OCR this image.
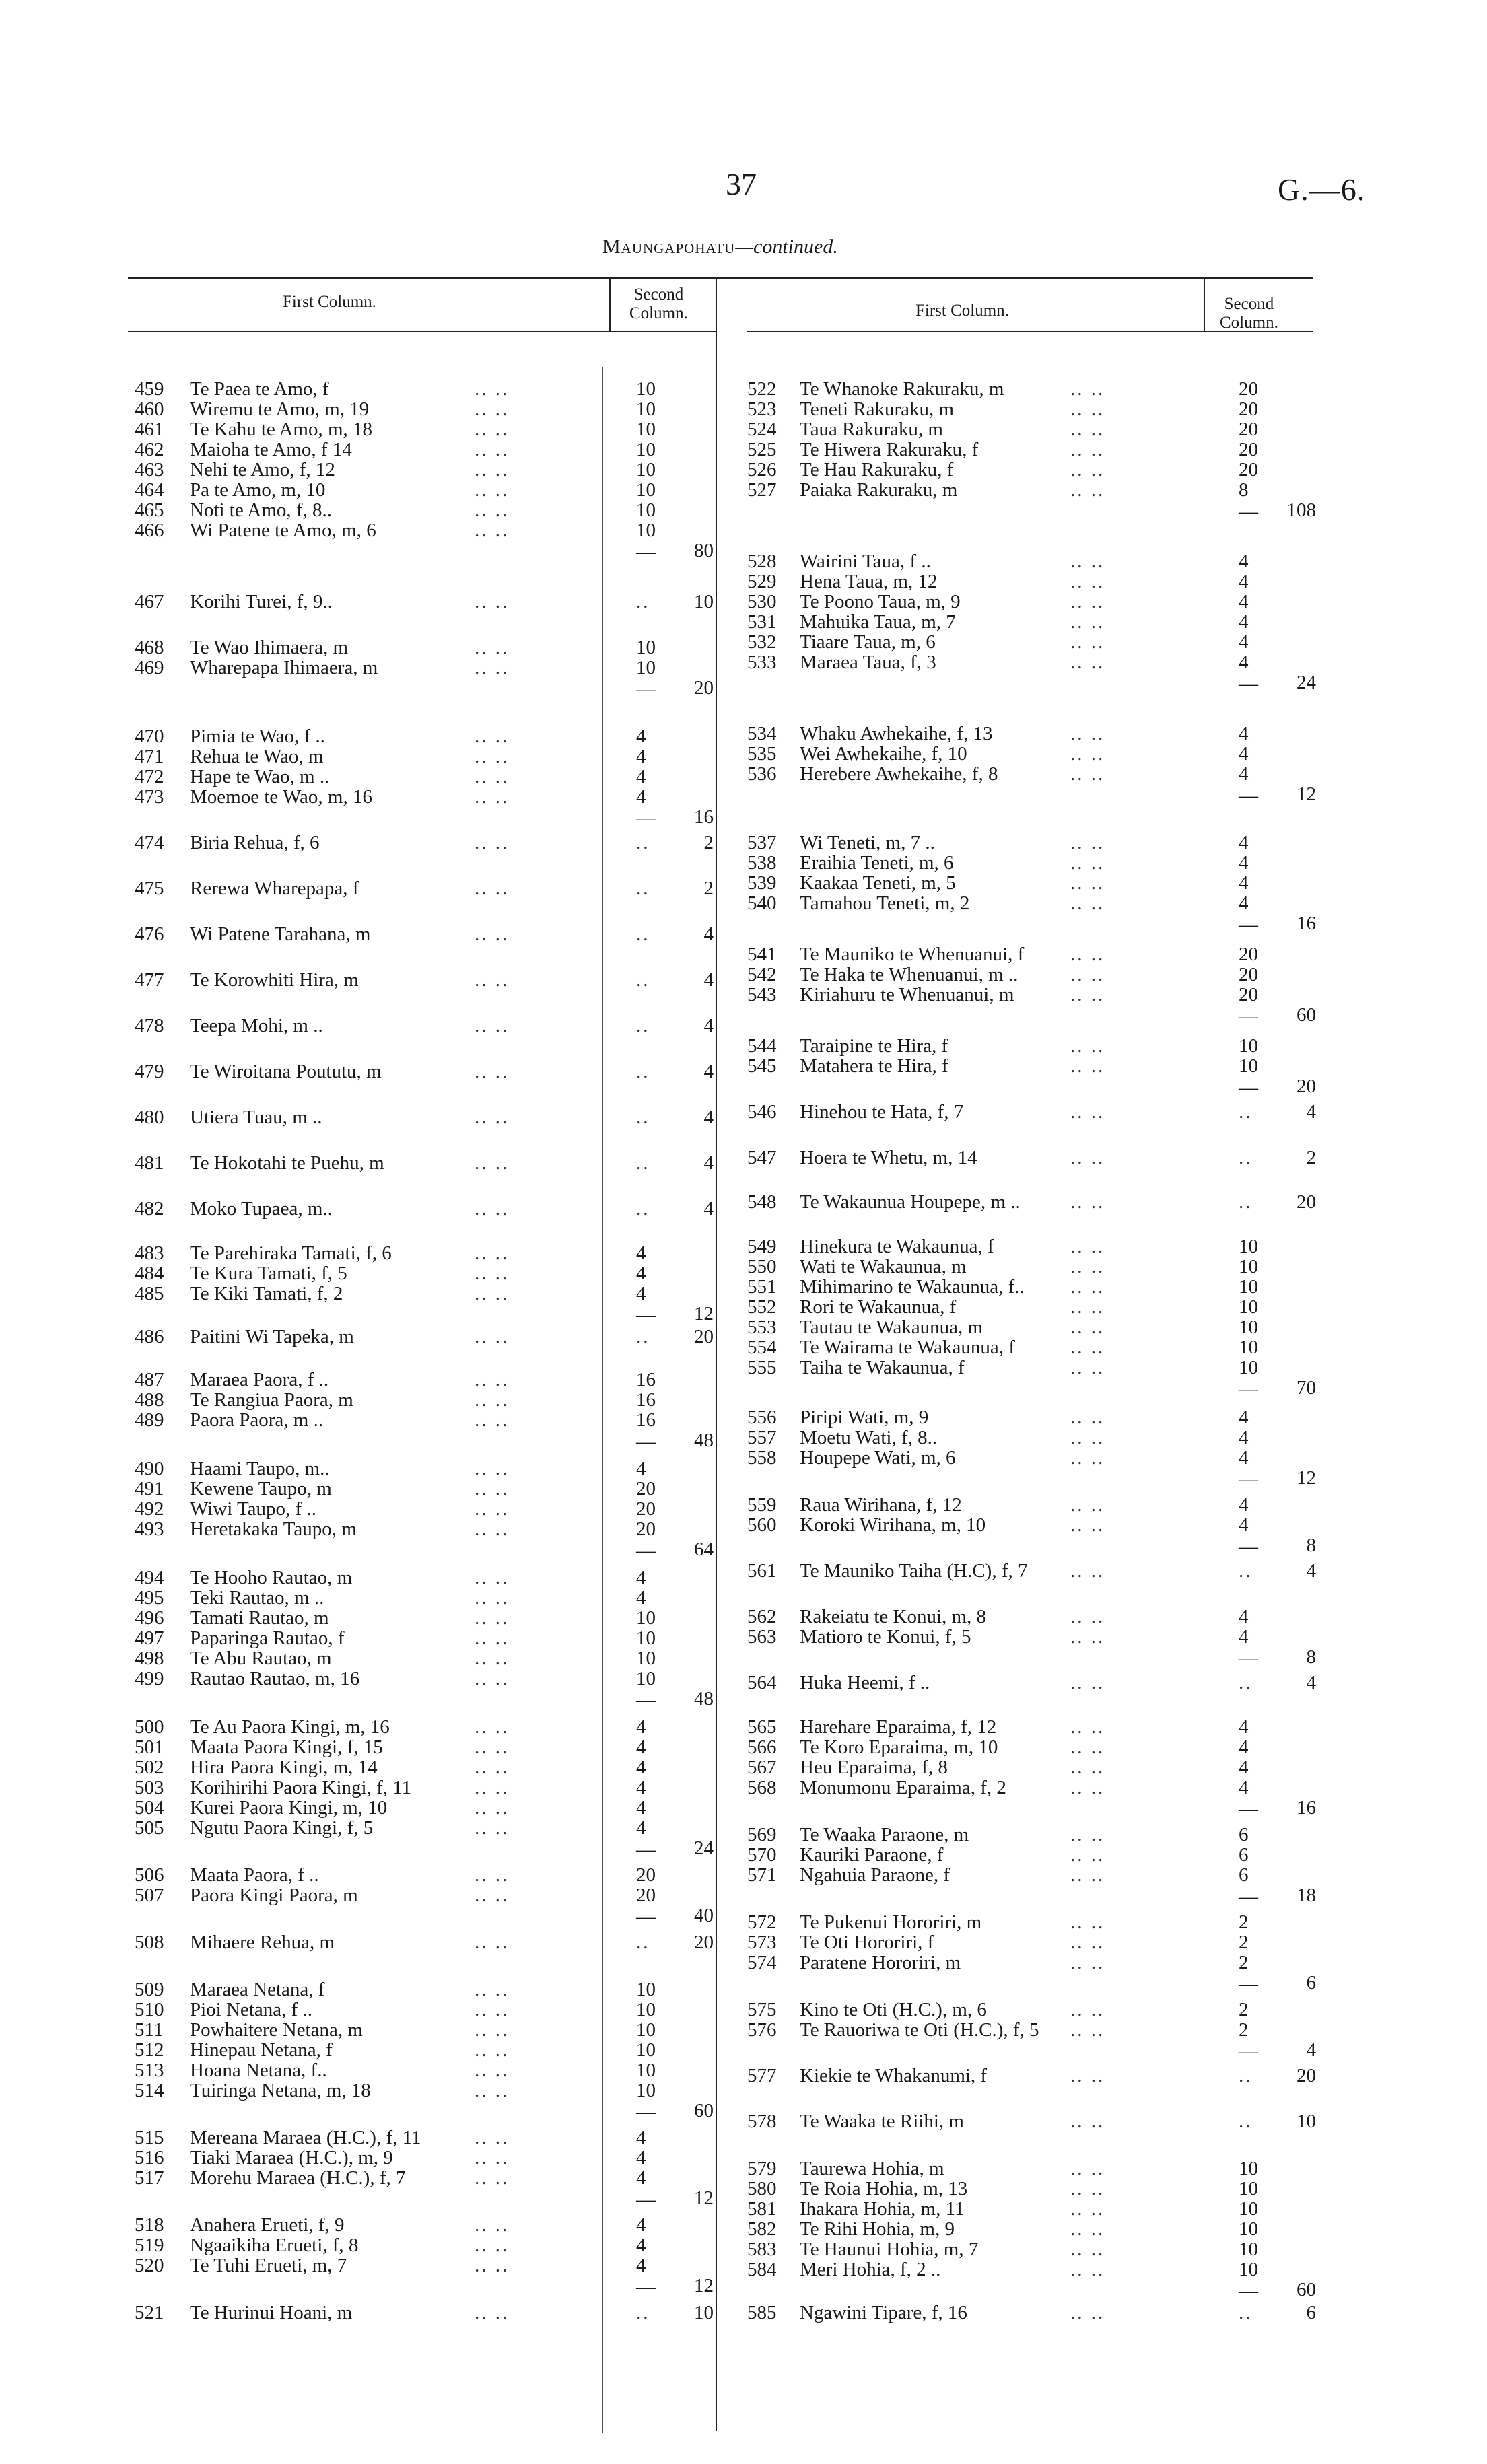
37	G.—6.
Maungapohatu—continued.
First Column.	Second
Column.	First Column.	Second
Column.
459 Te Paea te Amo, f	.. ..	10
460 Wiremu te Amo, m, 19	.. ..	10
461 Te Kahu te Amo, m, 18	.. ..	10
462 Maioha te Amo, f 14	.. ..	10
463 Nehi te Amo, f, 12	.. ..	10
464 Pa te Amo, m, 10	.. ..	10
465 Noti te Amo, f, 8..	.. ..	10
466 Wi Patene te Amo, m, 6	.. ..	10
—	80
467 Korihi Turei, f, 9..	.. ..	..	10
468 Te Wao Ihimaera, m	.. ..	10
469 Wharepapa Ihimaera, m	.. ..	10
—	20
470 Pimia te Wao, f ..	.. ..	4
471 Rehua te Wao, m	.. ..	4
472 Hape te Wao, m ..	.. ..	4
473 Moemoe te Wao, m, 16	.. ..	4
—	16
474 Biria Rehua, f, 6	.. ..	..	2
475 Rerewa Wharepapa, f	.. ..	..	2
476 Wi Patene Tarahana, m	.. ..	..	4
477 Te Korowhiti Hira, m	.. ..	..	4
478 Teepa Mohi, m ..	.. ..	..	4
479 Te Wiroitana Poututu, m	.. ..	..	4
480 Utiera Tuau, m ..	.. ..	..	4
481 Te Hokotahi te Puehu, m	.. ..	..	4
482 Moko Tupaea, m..	.. ..	..	4
483 Te Parehiraka Tamati, f, 6	.. ..	4
484 Te Kura Tamati, f, 5	.. ..	4
485 Te Kiki Tamati, f, 2	.. ..	4
—	12
486 Paitini Wi Tapeka, m	.. ..	..	20
487 Maraea Paora, f ..	.. ..	16
488 Te Rangiua Paora, m	.. ..	16
489 Paora Paora, m ..	.. ..	16
—	48
490 Haami Taupo, m..	.. ..	4
491 Kewene Taupo, m	.. ..	20
492 Wiwi Taupo, f ..	.. ..	20
493 Heretakaka Taupo, m	.. ..	20
—	64
494 Te Hooho Rautao, m	.. ..	4
495 Teki Rautao, m ..	.. ..	4
496 Tamati Rautao, m	.. ..	10
497 Paparinga Rautao, f	.. ..	10
498 Te Abu Rautao, m	.. ..	10
499 Rautao Rautao, m, 16	.. ..	10
—	48
500 Te Au Paora Kingi, m, 16	.. ..	4
501 Maata Paora Kingi, f, 15	.. ..	4
502 Hira Paora Kingi, m, 14	.. ..	4
503 Korihirihi Paora Kingi, f, 11	.. ..	4
504 Kurei Paora Kingi, m, 10	.. ..	4
505 Ngutu Paora Kingi, f, 5	.. ..	4
—	24
506 Maata Paora, f ..	.. ..	20
507 Paora Kingi Paora, m	.. ..	20
—	40
508 Mihaere Rehua, m	.. ..	..	20
509 Maraea Netana, f	.. ..	10
510 Pioi Netana, f ..	.. ..	10
511 Powhaitere Netana, m	.. ..	10
512 Hinepau Netana, f	.. ..	10
513 Hoana Netana, f..	.. ..	10
514 Tuiringa Netana, m, 18	.. ..	10
—	60
515 Mereana Maraea (H.C.), f, 11	.. ..	4
516 Tiaki Maraea (H.C.), m, 9	.. ..	4
517 Morehu Maraea (H.C.), f, 7	.. ..	4
—	12
518 Anahera Erueti, f, 9	.. ..	4
519 Ngaaikiha Erueti, f, 8	.. ..	4
520 Te Tuhi Erueti, m, 7	.. ..	4
—	12
521 Te Hurinui Hoani, m	.. ..	..	10
522 Te Whanoke Rakuraku, m	.. ..	20
523 Teneti Rakuraku, m	.. ..	20
524 Taua Rakuraku, m	.. ..	20
525 Te Hiwera Rakuraku, f	.. ..	20
526 Te Hau Rakuraku, f	.. ..	20
527 Paiaka Rakuraku, m	.. ..	8
—	108
528 Wairini Taua, f ..	.. ..	4
529 Hena Taua, m, 12	.. ..	4
530 Te Poono Taua, m, 9	.. ..	4
531 Mahuika Taua, m, 7	.. ..	4
532 Tiaare Taua, m, 6	.. ..	4
533 Maraea Taua, f, 3	.. ..	4
—	24
534 Whaku Awhekaihe, f, 13	.. ..	4
535 Wei Awhekaihe, f, 10	.. ..	4
536 Herebere Awhekaihe, f, 8	.. ..	4
—	12
537 Wi Teneti, m, 7 ..	.. ..	4
538 Eraihia Teneti, m, 6	.. ..	4
539 Kaakaa Teneti, m, 5	.. ..	4
540 Tamahou Teneti, m, 2	.. ..	4
—	16
541 Te Mauniko te Whenuanui, f .. ..	20
542 Te Haka te Whenuanui, m ..	.. ..	20
543 Kiriahuru te Whenuanui, m	.. ..	20
—	60
544 Taraipine te Hira, f	.. ..	10
545 Matahera te Hira, f	.. ..	10
—	20
546 Hinehou te Hata, f, 7	.. ..	..	4
547 Hoera te Whetu, m, 14	.. ..	..	2
548 Te Wakaunua Houpepe, m ..	.. ..	..	20
549 Hinekura te Wakaunua, f	.. ..	10
550 Wati te Wakaunua, m	.. ..	10
551 Mihimarino te Wakaunua, f.. .. ..	10
552 Rori te Wakaunua, f	.. ..	10
553 Tautau te Wakaunua, m	.. ..	10
554 Te Wairama te Wakaunua, f	.. ..	10
555 Taiha te Wakaunua, f	.. ..	10
—	70
556 Piripi Wati, m, 9	.. ..	4
557 Moetu Wati, f, 8..	.. ..	4
558 Houpepe Wati, m, 6	.. ..	4
—	12
559 Raua Wirihana, f, 12	.. ..	4
560 Koroki Wirihana, m, 10	.. ..	4
—	8
561 Te Mauniko Taiha (H.C), f, 7 .. ..	..	4
562 Rakeiatu te Konui, m, 8	.. ..	4
563 Matioro te Konui, f, 5	.. ..	4
—	8
564 Huka Heemi, f ..	.. ..	..	4
565 Harehare Eparaima, f, 12	.. ..	4
566 Te Koro Eparaima, m, 10	.. ..	4
567 Heu Eparaima, f, 8	.. ..	4
568 Monumonu Eparaima, f, 2	.. ..	4
—	16
569 Te Waaka Paraone, m	.. ..	6
570 Kauriki Paraone, f	.. ..	6
571 Ngahuia Paraone, f	.. ..	6
—	18
572 Te Pukenui Hororiri, m	.. ..	2
573 Te Oti Hororiri, f	.. ..	2
574 Paratene Hororiri, m	.. ..	2
—	6
575 Kino te Oti (H.C.), m, 6	.. ..	2
576 Te Rauoriwa te Oti (H.C.), f, 5 .. ..	2
—	4
577 Kiekie te Whakanumi, f	.. ..	..	20
578 Te Waaka te Riihi, m	.. ..	..	10
579 Taurewa Hohia, m	.. ..	10
580 Te Roia Hohia, m, 13	.. ..	10
581 Ihakara Hohia, m, 11	.. ..	10
582 Te Rihi Hohia, m, 9	.. ..	10
583 Te Haunui Hohia, m, 7	.. ..	10
584 Meri Hohia, f, 2 ..	.. ..	10
—	60
585 Ngawini Tipare, f, 16	.. ..	..	6
